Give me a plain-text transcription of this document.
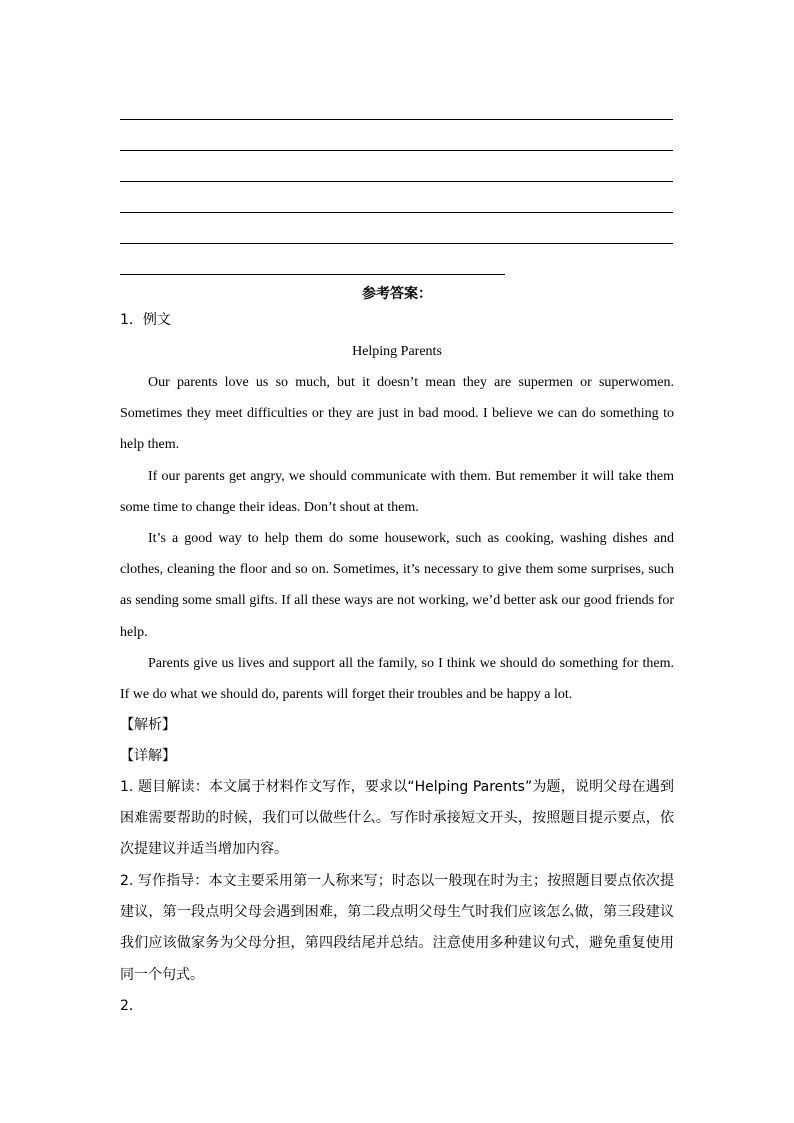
参考答案：
1．例文
Helping Parents

Our parents love us so much, but it doesn’t mean they are supermen or superwomen. Sometimes they meet difficulties or they are just in bad mood. I believe we can do something to help them.

If our parents get angry, we should communicate with them. But remember it will take them some time to change their ideas. Don’t shout at them.

It’s a good way to help them do some housework, such as cooking, washing dishes and clothes, cleaning the floor and so on. Sometimes, it’s necessary to give them some surprises, such as sending some small gifts. If all these ways are not working, we’d better ask our good friends for help.

Parents give us lives and support all the family, so I think we should do something for them. If we do what we should do, parents will forget their troubles and be happy a lot.

【解析】
【详解】

1. 题目解读：本文属于材料作文写作，要求以“Helping Parents”为题，说明父母在遇到困难需要帮助的时候，我们可以做些什么。写作时承接短文开头，按照题目提示要点，依次提建议并适当增加内容。

2. 写作指导：本文主要采用第一人称来写；时态以一般现在时为主；按照题目要点依次提建议，第一段点明父母会遇到困难，第二段点明父母生气时我们应该怎么做，第三段建议我们应该做家务为父母分担，第四段结尾并总结。注意使用多种建议句式，避免重复使用同一个句式。

2．
